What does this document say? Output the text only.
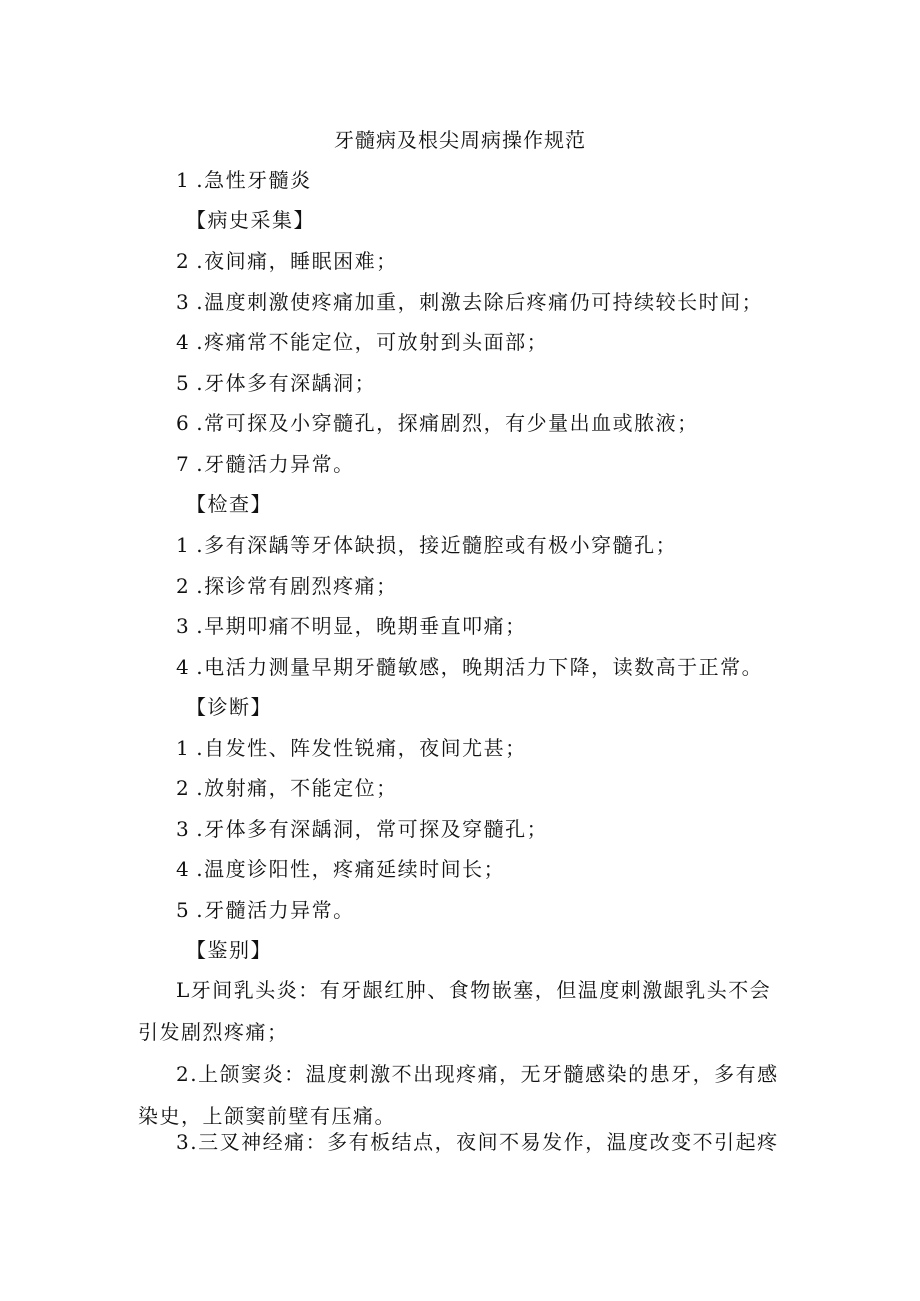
牙髓病及根尖周病操作规范
1 .急性牙髓炎
【病史采集】
2 .夜间痛，睡眠困难；
3 .温度刺激使疼痛加重，刺激去除后疼痛仍可持续较长时间；
4 .疼痛常不能定位，可放射到头面部；
5 .牙体多有深龋洞；
6 .常可探及小穿髓孔，探痛剧烈，有少量出血或脓液；
7 .牙髓活力异常。
【检查】
1 .多有深龋等牙体缺损，接近髓腔或有极小穿髓孔；
2 .探诊常有剧烈疼痛；
3 .早期叩痛不明显，晚期垂直叩痛；
4 .电活力测量早期牙髓敏感，晚期活力下降，读数高于正常。
【诊断】
1 .自发性、阵发性锐痛，夜间尤甚；
2 .放射痛，不能定位；
3 .牙体多有深龋洞，常可探及穿髓孔；
4 .温度诊阳性，疼痛延续时间长；
5 .牙髓活力异常。
【鉴别】

L牙间乳头炎：有牙龈红肿、食物嵌塞，但温度刺激龈乳头不会引发剧烈疼痛；

2.上颌窦炎：温度刺激不出现疼痛，无牙髓感染的患牙，多有感染史，上颌窦前壁有压痛。

3.三叉神经痛：多有板结点，夜间不易发作，温度改变不引起疼
